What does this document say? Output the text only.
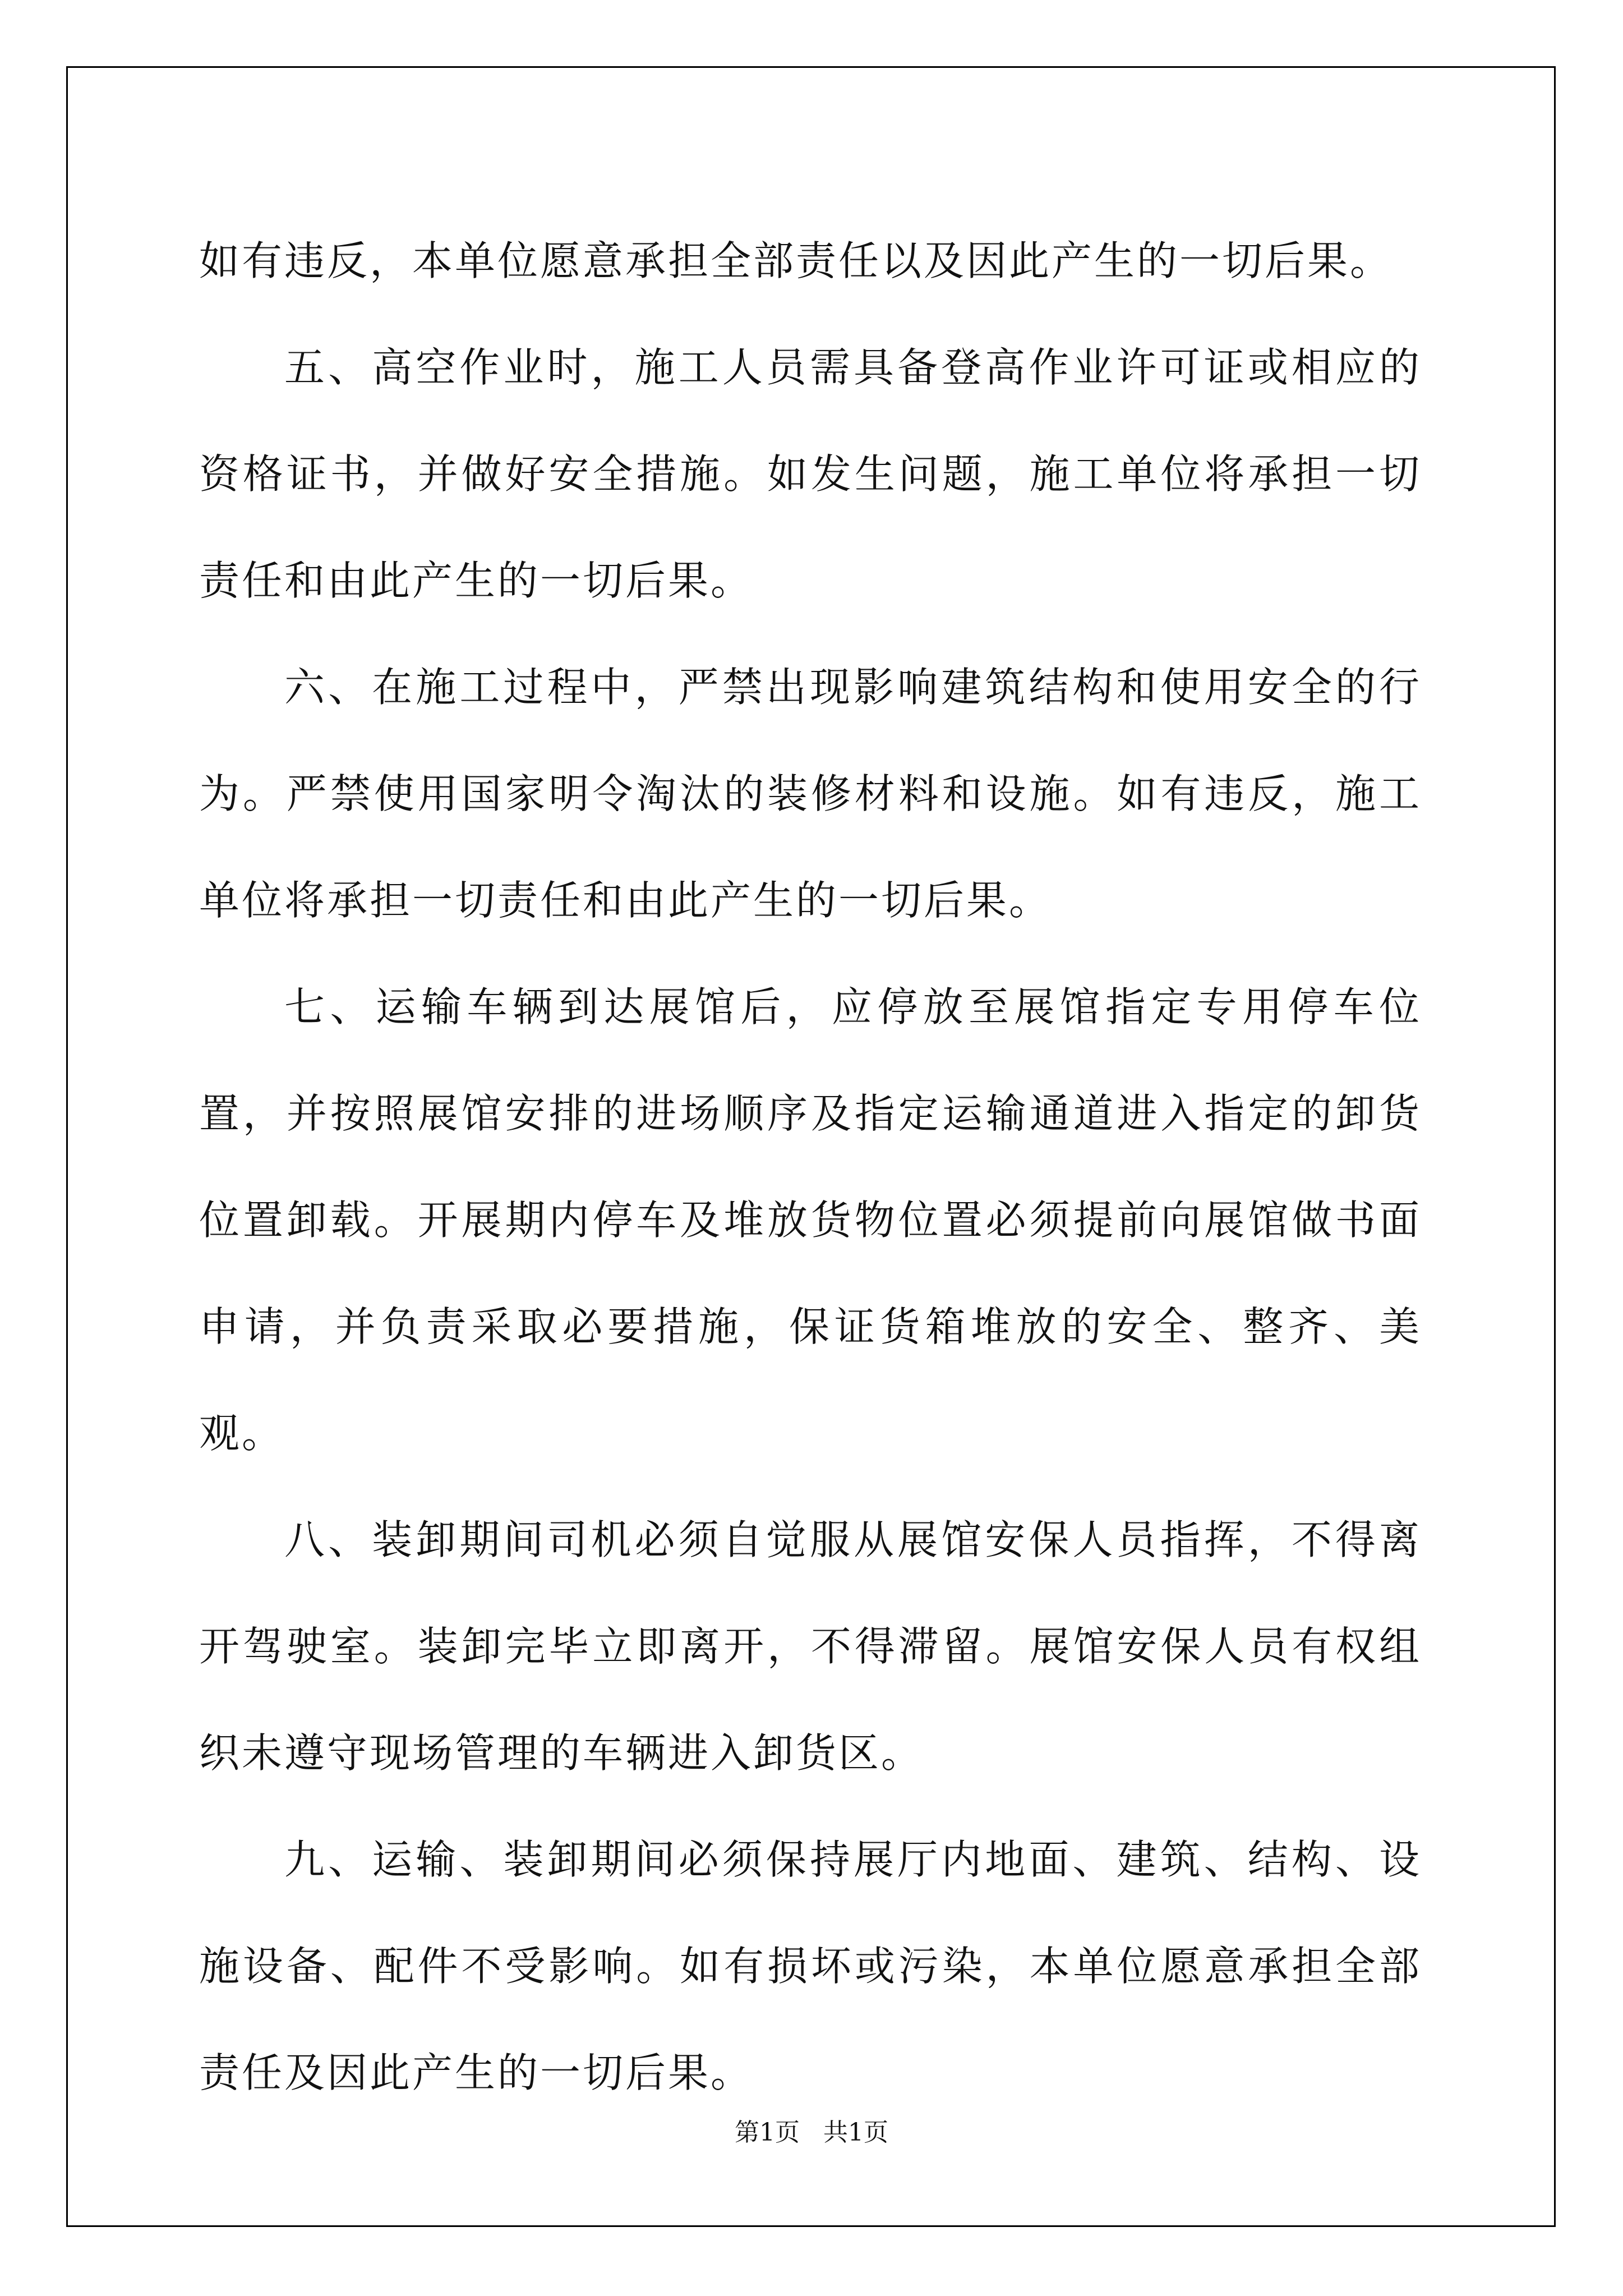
如有违反，本单位愿意承担全部责任以及因此产生的一切后果。

五、高空作业时，施工人员需具备登高作业许可证或相应的资格证书，并做好安全措施。如发生问题，施工单位将承担一切责任和由此产生的一切后果。

六、在施工过程中，严禁出现影响建筑结构和使用安全的行为。严禁使用国家明令淘汰的装修材料和设施。如有违反，施工单位将承担一切责任和由此产生的一切后果。

七、运输车辆到达展馆后，应停放至展馆指定专用停车位置，并按照展馆安排的进场顺序及指定运输通道进入指定的卸货位置卸载。开展期内停车及堆放货物位置必须提前向展馆做书面申请，并负责采取必要措施，保证货箱堆放的安全、整齐、美观。

八、装卸期间司机必须自觉服从展馆安保人员指挥，不得离开驾驶室。装卸完毕立即离开，不得滞留。展馆安保人员有权组织未遵守现场管理的车辆进入卸货区。

九、运输、装卸期间必须保持展厅内地面、建筑、结构、设施设备、配件不受影响。如有损坏或污染，本单位愿意承担全部责任及因此产生的一切后果。

第1页   共1页
